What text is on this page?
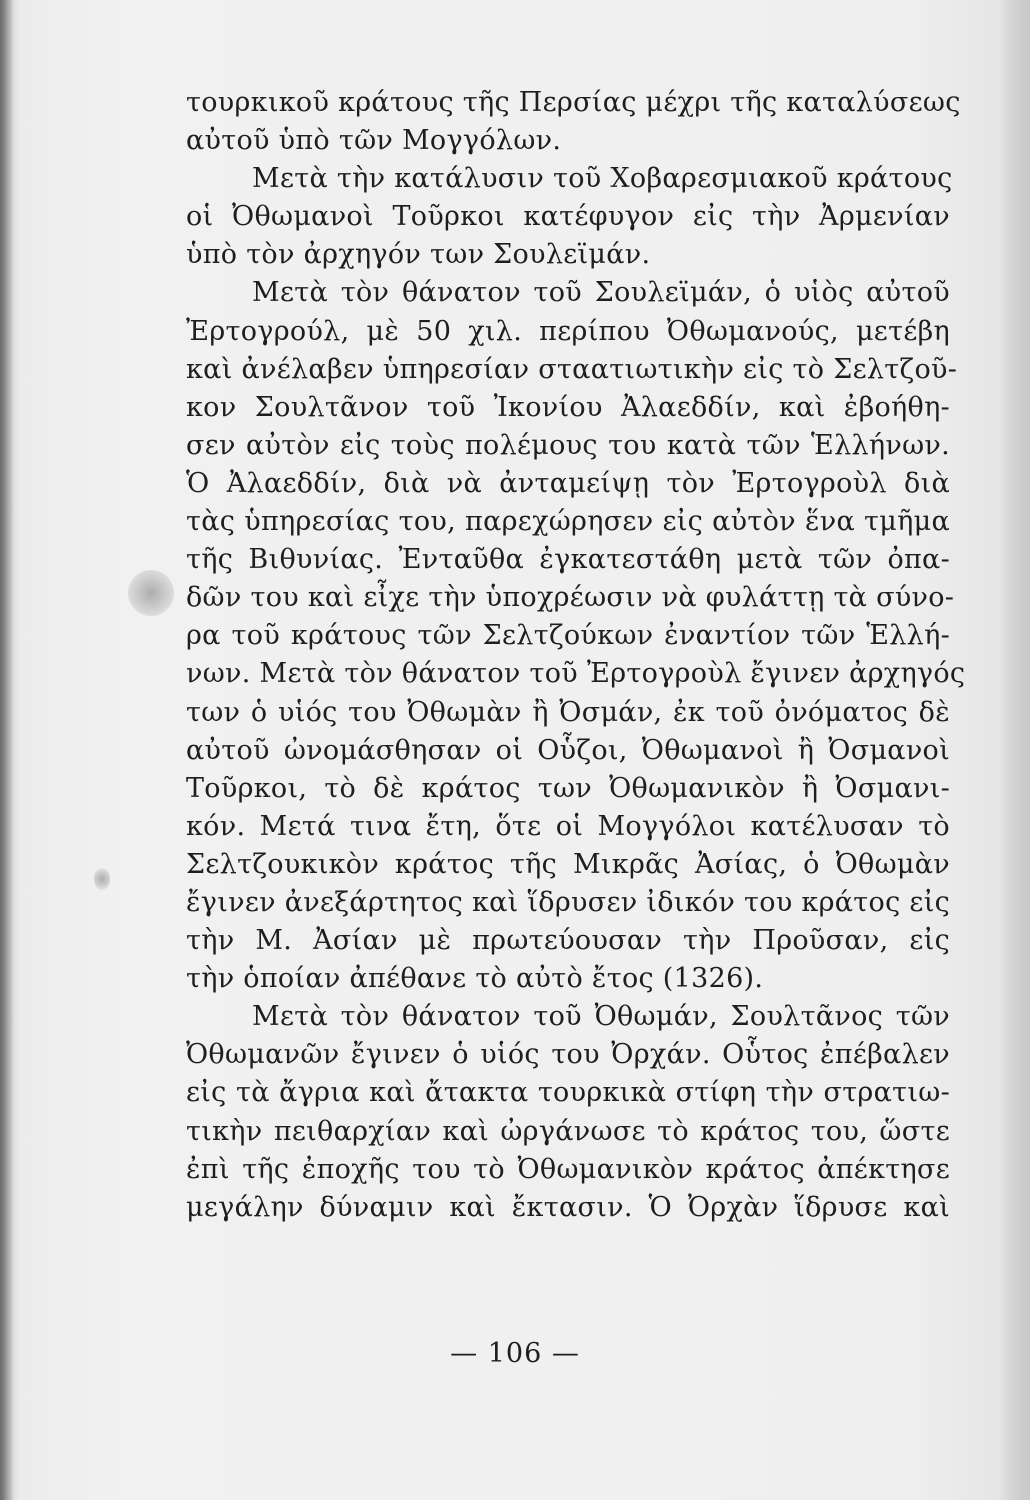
τουρκικοῦ κράτους τῆς Περσίας μέχρι τῆς καταλύσεως
αὐτοῦ ὑπὸ τῶν Μογγόλων.
Μετὰ τὴν κατάλυσιν τοῦ Χοβαρεσμιακοῦ κράτους
οἱ Ὀθωμανοὶ Τοῦρκοι κατέφυγον εἰς τὴν Ἀρμενίαν
ὑπὸ τὸν ἀρχηγόν των Σουλεϊμάν.
Μετὰ τὸν θάνατον τοῦ Σουλεϊμάν, ὁ υἱὸς αὐτοῦ
Ἐρτογρούλ, μὲ 50 χιλ. περίπου Ὀθωμανούς, μετέβη
καὶ ἀνέλαβεν ὑπηρεσίαν σταατιωτικὴν εἰς τὸ Σελτζοῦ-
κον Σουλτᾶνον τοῦ Ἰκονίου Ἀλαεδδίν, καὶ ἐβοήθη-
σεν αὐτὸν εἰς τοὺς πολέμους του κατὰ τῶν Ἑλλήνων.
Ὁ Ἀλαεδδίν, διὰ νὰ ἀνταμείψῃ τὸν Ἐρτογροὺλ διὰ
τὰς ὑπηρεσίας του, παρεχώρησεν εἰς αὐτὸν ἕνα τμῆμα
τῆς Βιθυνίας. Ἐνταῦθα ἐγκατεστάθη μετὰ τῶν ὀπα-
δῶν του καὶ εἶχε τὴν ὑποχρέωσιν νὰ φυλάττῃ τὰ σύνο-
ρα τοῦ κράτους τῶν Σελτζούκων ἐναντίον τῶν Ἑλλή-
νων. Μετὰ τὸν θάνατον τοῦ Ἐρτογροὺλ ἔγινεν ἀρχηγός
των ὁ υἱός του Ὀθωμὰν ἢ Ὀσμάν, ἐκ τοῦ ὀνόματος δὲ
αὐτοῦ ὠνομάσθησαν οἱ Οὗζοι, Ὀθωμανοὶ ἢ Ὀσμανοὶ
Τοῦρκοι, τὸ δὲ κράτος των Ὀθωμανικὸν ἢ Ὀσμανι-
κόν. Μετά τινα ἔτη, ὅτε οἱ Μογγόλοι κατέλυσαν τὸ
Σελτζουκικὸν κράτος τῆς Μικρᾶς Ἀσίας, ὁ Ὀθωμὰν
ἔγινεν ἀνεξάρτητος καὶ ἵδρυσεν ἰδικόν του κράτος εἰς
τὴν Μ. Ἀσίαν μὲ πρωτεύουσαν τὴν Προῦσαν, εἰς
τὴν ὁποίαν ἀπέθανε τὸ αὐτὸ ἔτος (1326).
Μετὰ τὸν θάνατον τοῦ Ὀθωμάν, Σουλτᾶνος τῶν
Ὀθωμανῶν ἔγινεν ὁ υἱός του Ὀρχάν. Οὗτος ἐπέβαλεν
εἰς τὰ ἄγρια καὶ ἄτακτα τουρκικὰ στίφη τὴν στρατιω-
τικὴν πειθαρχίαν καὶ ὠργάνωσε τὸ κράτος του, ὥστε
ἐπὶ τῆς ἐποχῆς του τὸ Ὀθωμανικὸν κράτος ἀπέκτησε
μεγάλην δύναμιν καὶ ἔκτασιν. Ὁ Ὀρχὰν ἵδρυσε καὶ
— 106 —
